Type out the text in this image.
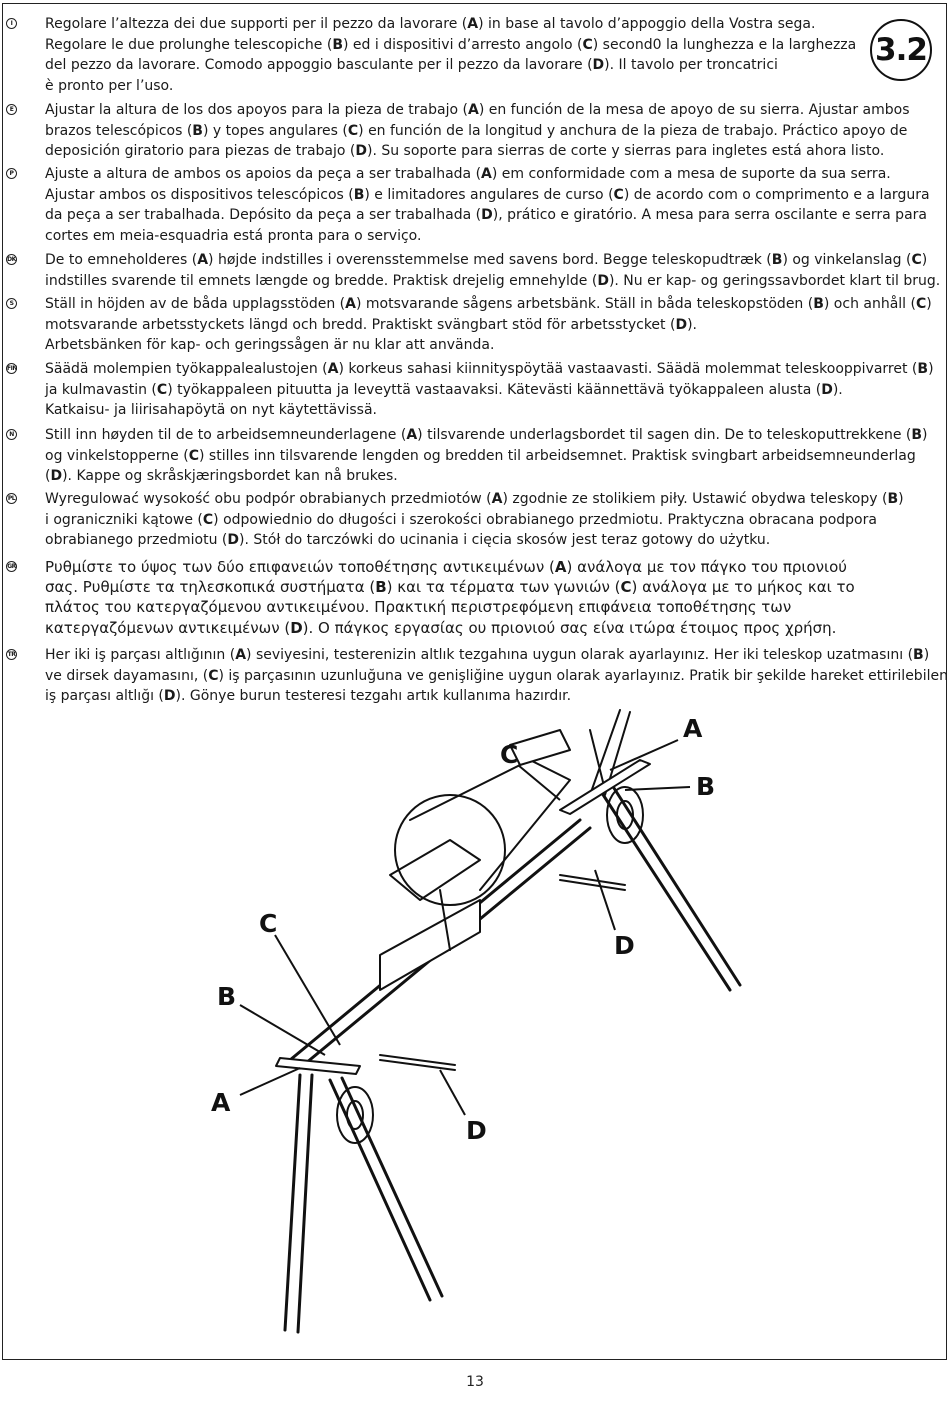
3.2
I	Regolare l’altezza dei due supporti per il pezzo da lavorare (A) in base al tavolo d’appoggio della Vostra sega.
Regolare le due prolunghe telescopiche (B) ed i dispositivi d’arresto angolo (C) second0 la lunghezza e la larghezza
del pezzo da lavorare. Comodo appoggio basculante per il pezzo da lavorare (D). Il tavolo per troncatrici
è pronto per l’uso.
E Ajustar la altura de los dos apoyos para la pieza de trabajo (A) en función de la mesa de apoyo de su sierra. Ajustar ambos
brazos telescópicos (B) y topes angulares (C) en función de la longitud y anchura de la pieza de trabajo. Práctico apoyo de
deposición giratorio para piezas de trabajo (D). Su soporte para sierras de corte y sierras para ingletes está ahora listo.
P Ajuste a altura de ambos os apoios da peça a ser trabalhada (A) em conformidade com a mesa de suporte da sua serra.
Ajustar ambos os dispositivos telescópicos (B) e limitadores angulares de curso (C) de acordo com o comprimento e a largura
da peça a ser trabalhada. Depósito da peça a ser trabalhada (D), prático e giratório. A mesa para serra oscilante e serra para
cortes em meia-esquadria está pronta para o serviço.
DK De to emneholderes (A) højde indstilles i overensstemmelse med savens bord. Begge teleskopudtræk (B) og vinkelanslag (C)
indstilles svarende til emnets længde og bredde. Praktisk drejelig emnehylde (D). Nu er kap- og geringssavbordet klart til brug.
S Ställ in höjden av de båda upplagsstöden (A) motsvarande sågens arbetsbänk. Ställ in båda teleskopstöden (B) och anhåll (C)
motsvarande arbetsstyckets längd och bredd. Praktiskt svängbart stöd för arbetsstycket (D).
Arbetsbänken för kap- och geringssågen är nu klar att använda.
FIN Säädä molempien työkappalealustojen (A) korkeus sahasi kiinnityspöytää vastaavasti. Säädä molemmat teleskooppivarret (B)
ja kulmavastin (C) työkappaleen pituutta ja leveyttä vastaavaksi. Kätevästi käännettävä työkappaleen alusta (D).
Katkaisu- ja liirisahapöytä on nyt käytettävissä.
N Still inn høyden til de to arbeidsemneunderlagene (A) tilsvarende underlagsbordet til sagen din. De to teleskoputtrekkene (B)
og vinkelstopperne (C) stilles inn tilsvarende lengden og bredden til arbeidsemnet. Praktisk svingbart arbeidsemneunderlag
(D). Kappe og skråskjæringsbordet kan nå brukes.
PL Wyregulować wysokość obu podpór obrabianych przedmiotów (A) zgodnie ze stolikiem piły. Ustawić obydwa teleskopy (B)
i ograniczniki kątowe (C) odpowiednio do długości i szerokości obrabianego przedmiotu. Praktyczna obracana podpora
obrabianego przedmiotu (D). Stół do tarczówki do ucinania i cięcia skosów jest teraz gotowy do użytku.
GR Ρυθμίστε το ύψος των δύο επιφανειών τοποθέτησης αντικειμένων (A) ανάλογα με τον πάγκο του πριονιού
σας. Ρυθμίστε τα τηλεσκοπικά συστήματα (B) και τα τέρματα των γωνιών (C) ανάλογα με το μήκος και το
πλάτος του κατεργαζόμενου αντικειμένου. Πρακτική περιστρεφόμενη επιφάνεια τοποθέτησης των
κατεργαζόμενων αντικειμένων (D). Ο πάγκος εργασίας ου πριονιού σας είνα ιτώρα έτοιμος προς χρήση.
TR Her iki iş parçası altlığının (A) seviyesini, testerenizin altlık tezgahına uygun olarak ayarlayınız. Her iki teleskop uzatmasını (B)
ve dirsek dayamasını, (C) iş parçasının uzunluğuna ve genişliğine uygun olarak ayarlayınız. Pratik bir şekilde hareket ettirilebilen
iş parçası altlığı (D). Gönye burun testeresi tezgahı artık kullanıma hazırdır.
A
B
C
D
C
B
A
D
13
